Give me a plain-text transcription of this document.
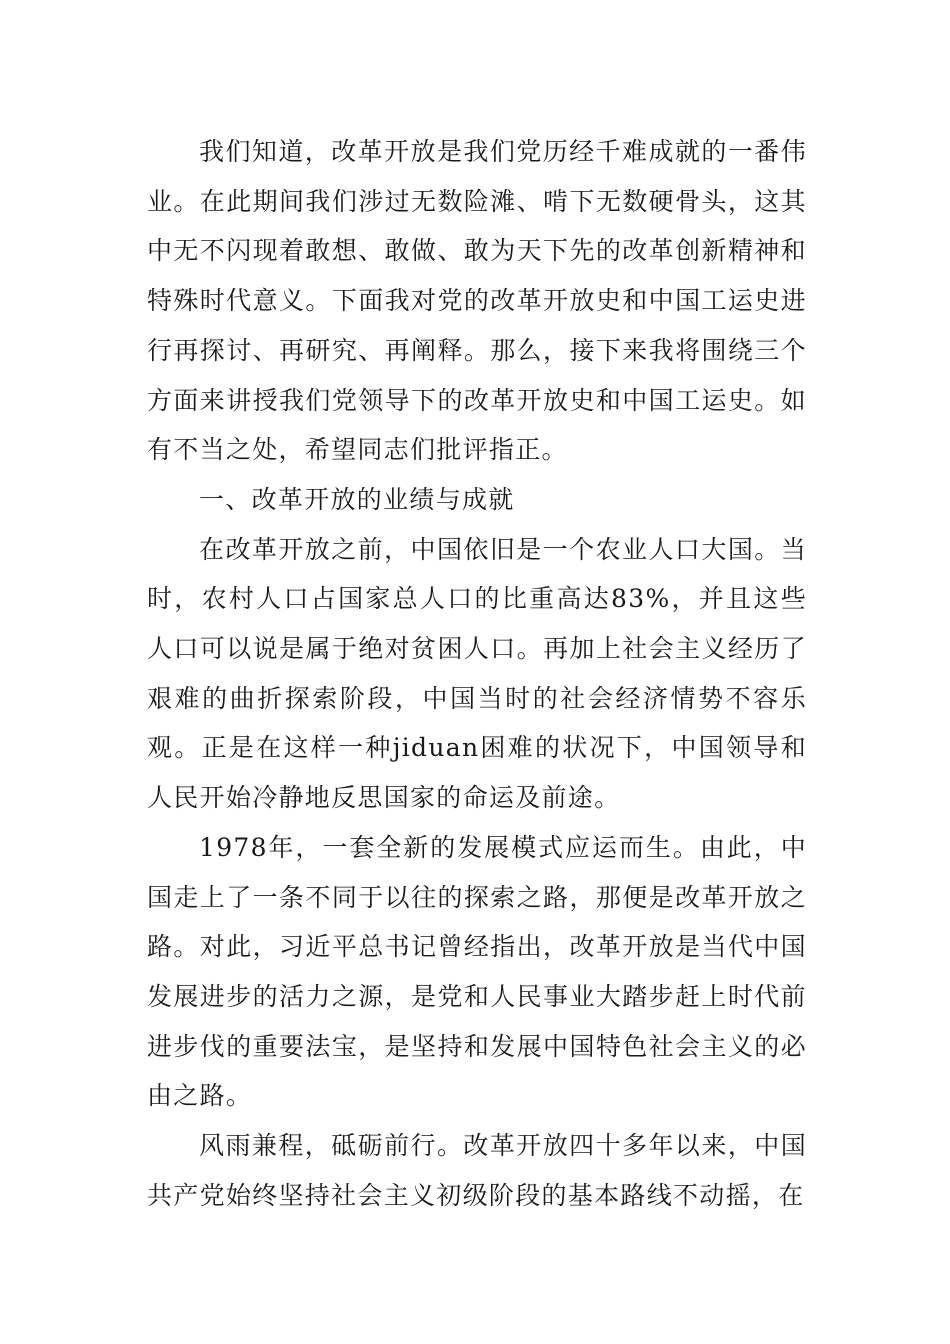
我们知道，改革开放是我们党历经千难成就的一番伟业。在此期间我们涉过无数险滩、啃下无数硬骨头，这其中无不闪现着敢想、敢做、敢为天下先的改革创新精神和特殊时代意义。下面我对党的改革开放史和中国工运史进行再探讨、再研究、再阐释。那么，接下来我将围绕三个方面来讲授我们党领导下的改革开放史和中国工运史。如有不当之处，希望同志们批评指正。

一、改革开放的业绩与成就

在改革开放之前，中国依旧是一个农业人口大国。当时，农村人口占国家总人口的比重高达83%，并且这些人口可以说是属于绝对贫困人口。再加上社会主义经历了艰难的曲折探索阶段，中国当时的社会经济情势不容乐观。正是在这样一种jiduan困难的状况下，中国领导和人民开始冷静地反思国家的命运及前途。

1978年，一套全新的发展模式应运而生。由此，中国走上了一条不同于以往的探索之路，那便是改革开放之路。对此，习近平总书记曾经指出，改革开放是当代中国发展进步的活力之源，是党和人民事业大踏步赶上时代前进步伐的重要法宝，是坚持和发展中国特色社会主义的必由之路。

风雨兼程，砥砺前行。改革开放四十多年以来，中国共产党始终坚持社会主义初级阶段的基本路线不动摇，在
